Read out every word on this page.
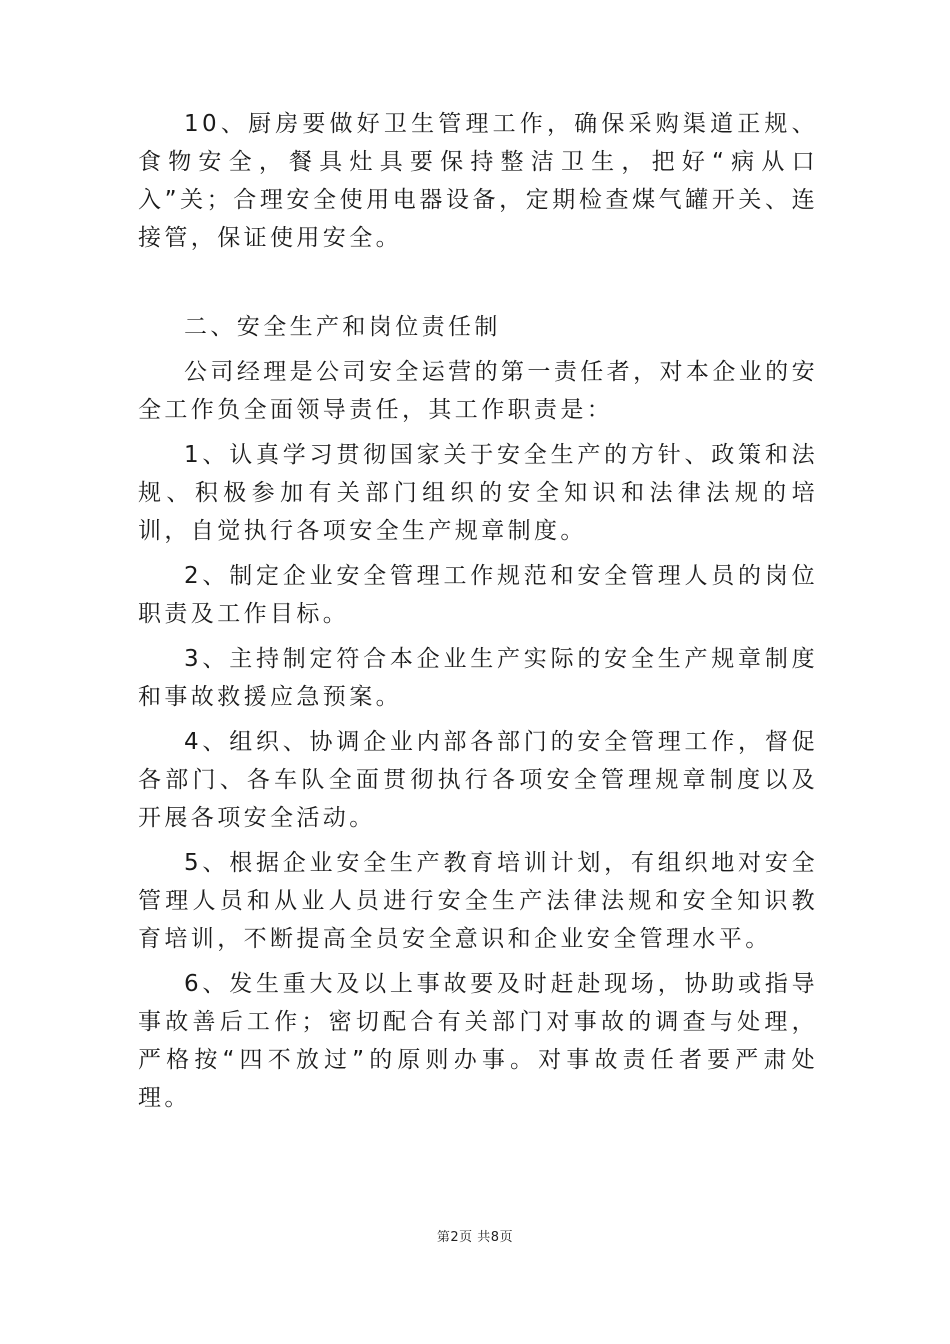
10、厨房要做好卫生管理工作，确保采购渠道正规、食物安全，餐具灶具要保持整洁卫生，把好“病从口入”关；合理安全使用电器设备，定期检查煤气罐开关、连接管，保证使用安全。

二、安全生产和岗位责任制

公司经理是公司安全运营的第一责任者，对本企业的安全工作负全面领导责任，其工作职责是：

1、认真学习贯彻国家关于安全生产的方针、政策和法规、积极参加有关部门组织的安全知识和法律法规的培训，自觉执行各项安全生产规章制度。

2、制定企业安全管理工作规范和安全管理人员的岗位职责及工作目标。

3、主持制定符合本企业生产实际的安全生产规章制度和事故救援应急预案。

4、组织、协调企业内部各部门的安全管理工作，督促各部门、各车队全面贯彻执行各项安全管理规章制度以及开展各项安全活动。

5、根据企业安全生产教育培训计划，有组织地对安全管理人员和从业人员进行安全生产法律法规和安全知识教育培训，不断提高全员安全意识和企业安全管理水平。

6、发生重大及以上事故要及时赶赴现场，协助或指导事故善后工作；密切配合有关部门对事故的调查与处理，严格按“四不放过”的原则办事。对事故责任者要严肃处理。

第2页 共8页
